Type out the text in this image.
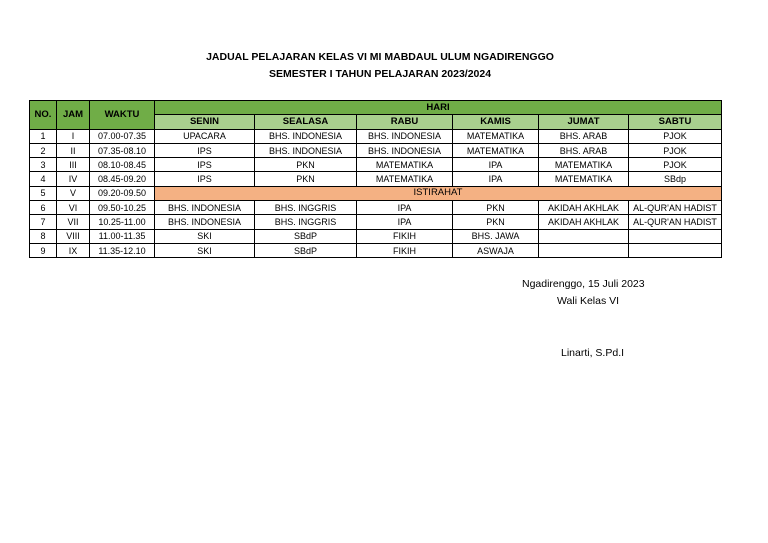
JADUAL PELAJARAN KELAS VI MI MABDAUL ULUM NGADIRENGGO
SEMESTER I TAHUN PELAJARAN 2023/2024
NO.	JAM	WAKTU	HARI					
			SENIN	SEALASA	RABU	KAMIS	JUMAT	SABTU
1	I	07.00-07.35	UPACARA	BHS. INDONESIA	BHS. INDONESIA	MATEMATIKA	BHS. ARAB	PJOK
2	II	07.35-08.10	IPS	BHS. INDONESIA	BHS. INDONESIA	MATEMATIKA	BHS. ARAB	PJOK
3	III	08.10-08.45	IPS	PKN	MATEMATIKA	IPA	MATEMATIKA	PJOK
4	IV	08.45-09.20	IPS	PKN	MATEMATIKA	IPA	MATEMATIKA	SBdp
5	V	09.20-09.50	ISTIRAHAT					
6	VI	09.50-10.25	BHS. INDONESIA	BHS. INGGRIS	IPA	PKN	AKIDAH AKHLAK	AL-QUR'AN HADIST
7	VII	10.25-11.00	BHS. INDONESIA	BHS. INGGRIS	IPA	PKN	AKIDAH AKHLAK	AL-QUR'AN HADIST
8	VIII	11.00-11.35	SKI	SBdP	FIKIH	BHS. JAWA		
9	IX	11.35-12.10	SKI	SBdP	FIKIH	ASWAJA		
Ngadirenggo, 15 Juli 2023
Wali Kelas VI
Linarti, S.Pd.I
